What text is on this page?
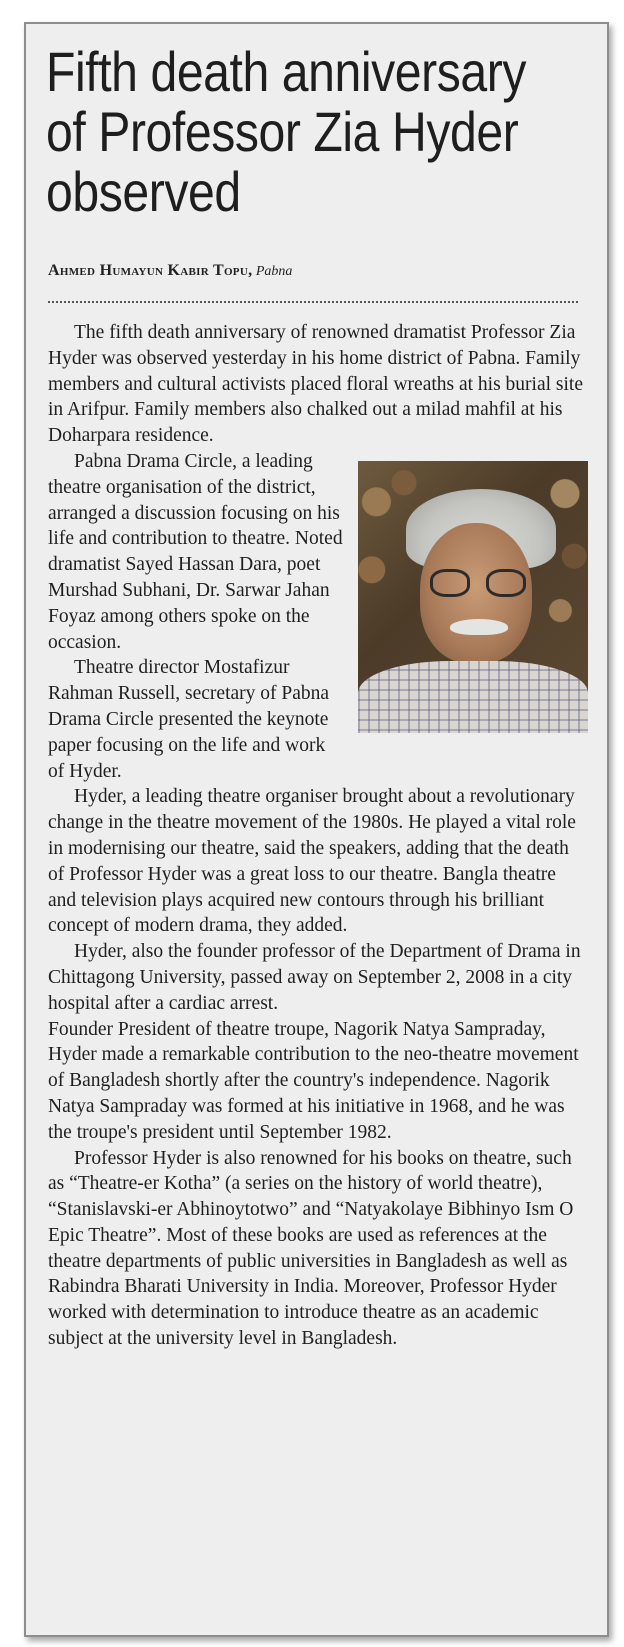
Fifth death anniversary of Professor Zia Hyder observed
Ahmed Humayun Kabir Topu, Pabna

The fifth death anniversary of renowned dramatist Professor Zia Hyder was observed yesterday in his home district of Pabna. Family members and cultural activists placed floral wreaths at his burial site in Arifpur. Family members also chalked out a milad mahfil at his Doharpara residence.

Pabna Drama Circle, a leading theatre organisation of the district, arranged a discussion focusing on his life and contribution to theatre. Noted dramatist Sayed Hassan Dara, poet Murshad Subhani, Dr. Sarwar Jahan Foyaz among others spoke on the occasion.

Theatre director Mostafizur Rahman Russell, secretary of Pabna Drama Circle presented the keynote paper focusing on the life and work of Hyder.

Hyder, a leading theatre organiser brought about a revolutionary change in the theatre movement of the 1980s. He played a vital role in modernising our theatre, said the speakers, adding that the death of Professor Hyder was a great loss to our theatre. Bangla theatre and television plays acquired new contours through his brilliant concept of modern drama, they added.

Hyder, also the founder professor of the Department of Drama in Chittagong University, passed away on September 2, 2008 in a city hospital after a cardiac arrest.

Founder President of theatre troupe, Nagorik Natya Sampraday, Hyder made a remarkable contribution to the neo-theatre movement of Bangladesh shortly after the country's independence. Nagorik Natya Sampraday was formed at his initiative in 1968, and he was the troupe's president until September 1982.

Professor Hyder is also renowned for his books on theatre, such as “Theatre-er Kotha” (a series on the history of world theatre), “Stanislavski-er Abhinoytotwo” and “Natyakolaye Bibhinyo Ism O Epic Theatre”. Most of these books are used as references at the theatre departments of public universities in Bangladesh as well as Rabindra Bharati University in India. Moreover, Professor Hyder worked with determination to introduce theatre as an academic subject at the university level in Bangladesh.
